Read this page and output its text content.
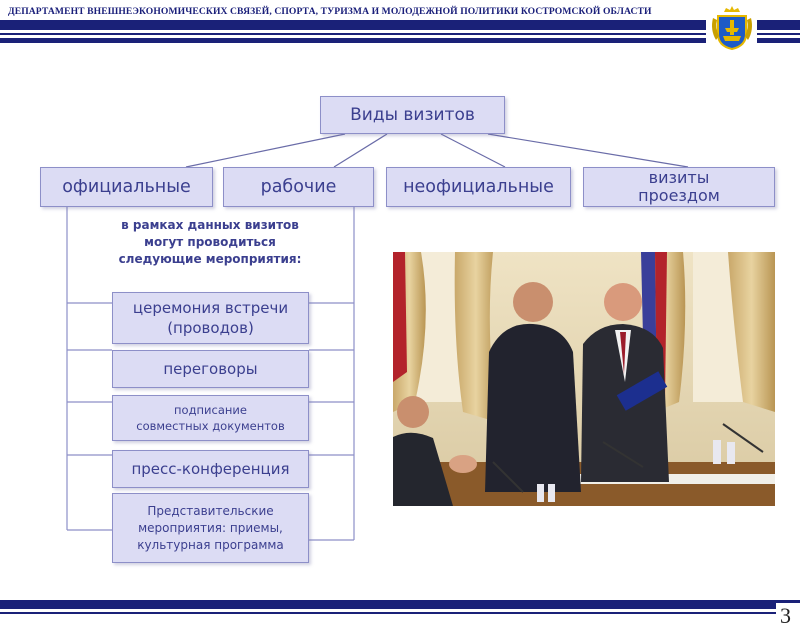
ДЕПАРТАМЕНТ ВНЕШНЕЭКОНОМИЧЕСКИХ СВЯЗЕЙ, СПОРТА, ТУРИЗМА И МОЛОДЕЖНОЙ ПОЛИТИКИ КОСТРОМСКОЙ ОБЛАСТИ
Виды визитов
официальные	рабочие	неофициальные	визиты
проездом
в рамках данных визитов
могут проводиться
следующие мероприятия:
церемония встречи
(проводов)
переговоры
подписание
совместных документов
пресс-конференция
Представительские
мероприятия: приемы,
культурная программа
3
